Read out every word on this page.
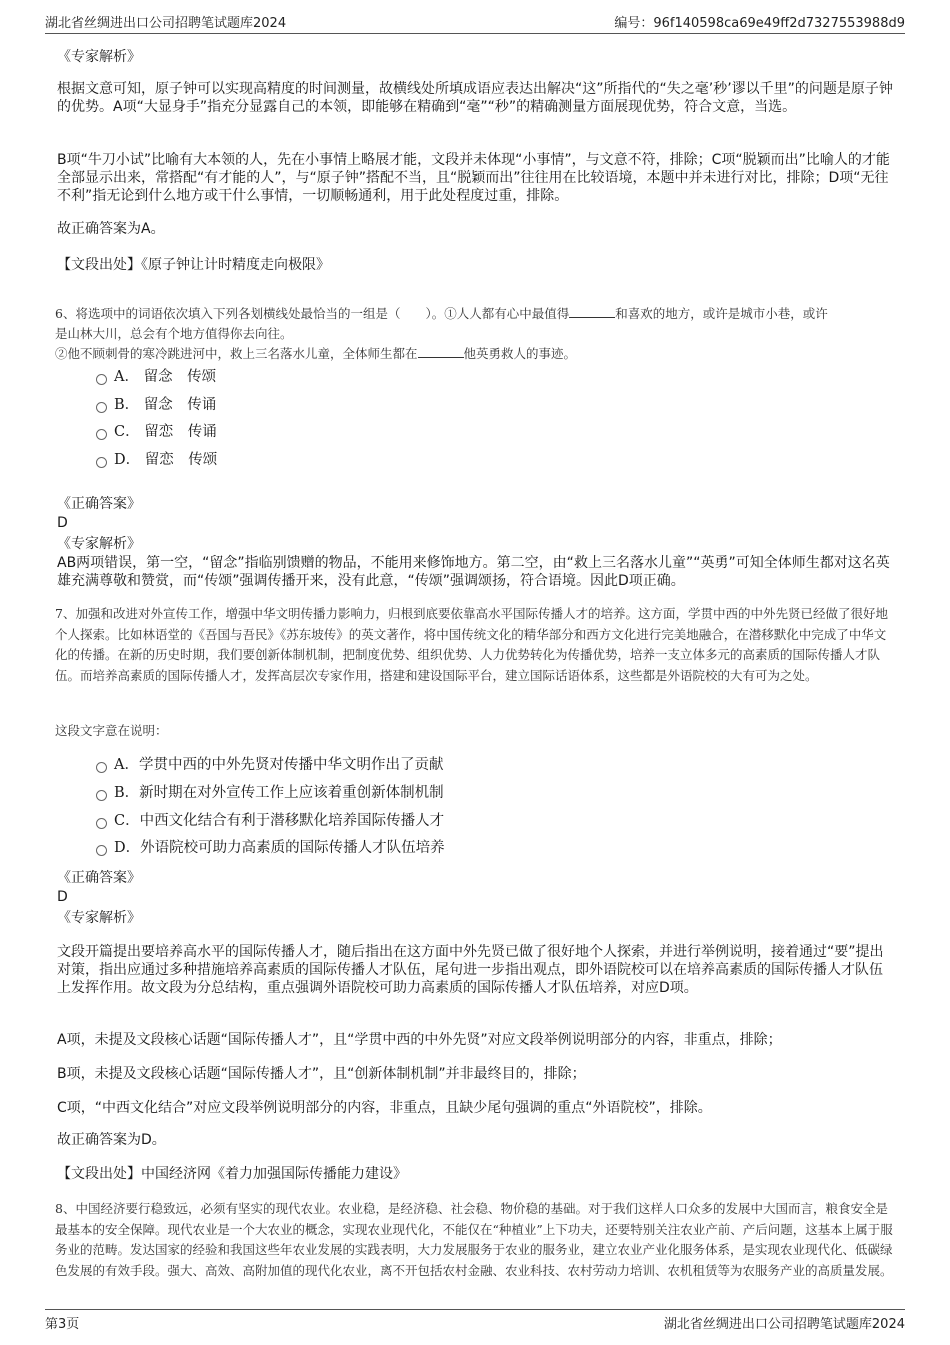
湖北省丝绸进出口公司招聘笔试题库2024	编号：96f140598ca69e49ff2d7327553988d9
《专家解析》

根据文意可知，原子钟可以实现高精度的时间测量，故横线处所填成语应表达出解决“这”所指代的“失之毫’秒’谬以千里”的问题是原子钟的优势。A项“大显身手”指充分显露自己的本领，即能够在精确到“毫”“秒”的精确测量方面展现优势，符合文意，当选。

B项“牛刀小试”比喻有大本领的人，先在小事情上略展才能，文段并未体现“小事情”，与文意不符，排除；C项“脱颖而出”比喻人的才能全部显示出来，常搭配“有才能的人”，与“原子钟”搭配不当，且“脱颖而出”往往用在比较语境，本题中并未进行对比，排除；D项“无往不利”指无论到什么地方或干什么事情，一切顺畅通利，用于此处程度过重，排除。

故正确答案为A。

【文段出处】《原子钟让计时精度走向极限》

6、将选项中的词语依次填入下列各划横线处最恰当的一组是（　　）。①人人都有心中最值得	和喜欢的地方，或许是城市小巷，或许
是山林大川，总会有个地方值得你去向往。
②他不顾刺骨的寒冷跳进河中，救上三名落水儿童，全体师生都在	他英勇救人的事迹。
A． 留念　传颂
B． 留念　传诵
C． 留恋　传诵
D． 留恋　传颂
《正确答案》
D
《专家解析》

AB两项错误，第一空，“留念”指临别馈赠的物品，不能用来修饰地方。第二空，由“救上三名落水儿童”“英勇”可知全体师生都对这名英雄充满尊敬和赞赏，而“传颂”强调传播开来，没有此意，“传颂”强调颂扬，符合语境。因此D项正确。

7、加强和改进对外宣传工作，增强中华文明传播力影响力，归根到底要依靠高水平国际传播人才的培养。这方面，学贯中西的中外先贤已经做了很好地个人探索。比如林语堂的《吾国与吾民》《苏东坡传》的英文著作，将中国传统文化的精华部分和西方文化进行完美地融合，在潜移默化中完成了中华文化的传播。在新的历史时期，我们要创新体制机制，把制度优势、组织优势、人力优势转化为传播优势，培养一支立体多元的高素质的国际传播人才队伍。而培养高素质的国际传播人才，发挥高层次专家作用，搭建和建设国际平台，建立国际话语体系，这些都是外语院校的大有可为之处。

这段文字意在说明：
A． 学贯中西的中外先贤对传播中华文明作出了贡献
B． 新时期在对外宣传工作上应该着重创新体制机制
C． 中西文化结合有利于潜移默化培养国际传播人才
D． 外语院校可助力高素质的国际传播人才队伍培养
《正确答案》
D
《专家解析》

文段开篇提出要培养高水平的国际传播人才，随后指出在这方面中外先贤已做了很好地个人探索，并进行举例说明，接着通过“要”提出对策，指出应通过多种措施培养高素质的国际传播人才队伍，尾句进一步指出观点，即外语院校可以在培养高素质的国际传播人才队伍上发挥作用。故文段为分总结构，重点强调外语院校可助力高素质的国际传播人才队伍培养，对应D项。

A项，未提及文段核心话题“国际传播人才”，且“学贯中西的中外先贤”对应文段举例说明部分的内容，非重点，排除；

B项，未提及文段核心话题“国际传播人才”，且“创新体制机制”并非最终目的，排除；

C项，“中西文化结合”对应文段举例说明部分的内容，非重点，且缺少尾句强调的重点“外语院校”，排除。

故正确答案为D。

【文段出处】中国经济网《着力加强国际传播能力建设》

8、中国经济要行稳致远，必须有坚实的现代农业。农业稳，是经济稳、社会稳、物价稳的基础。对于我们这样人口众多的发展中大国而言，粮食安全是最基本的安全保障。现代农业是一个大农业的概念，实现农业现代化，不能仅在“种植业”上下功夫，还要特别关注农业产前、产后问题，这基本上属于服务业的范畴。发达国家的经验和我国这些年农业发展的实践表明，大力发展服务于农业的服务业，建立农业产业化服务体系，是实现农业现代化、低碳绿色发展的有效手段。强大、高效、高附加值的现代化农业，离不开包括农村金融、农业科技、农村劳动力培训、农机租赁等为农服务产业的高质量发展。

第3页	湖北省丝绸进出口公司招聘笔试题库2024
